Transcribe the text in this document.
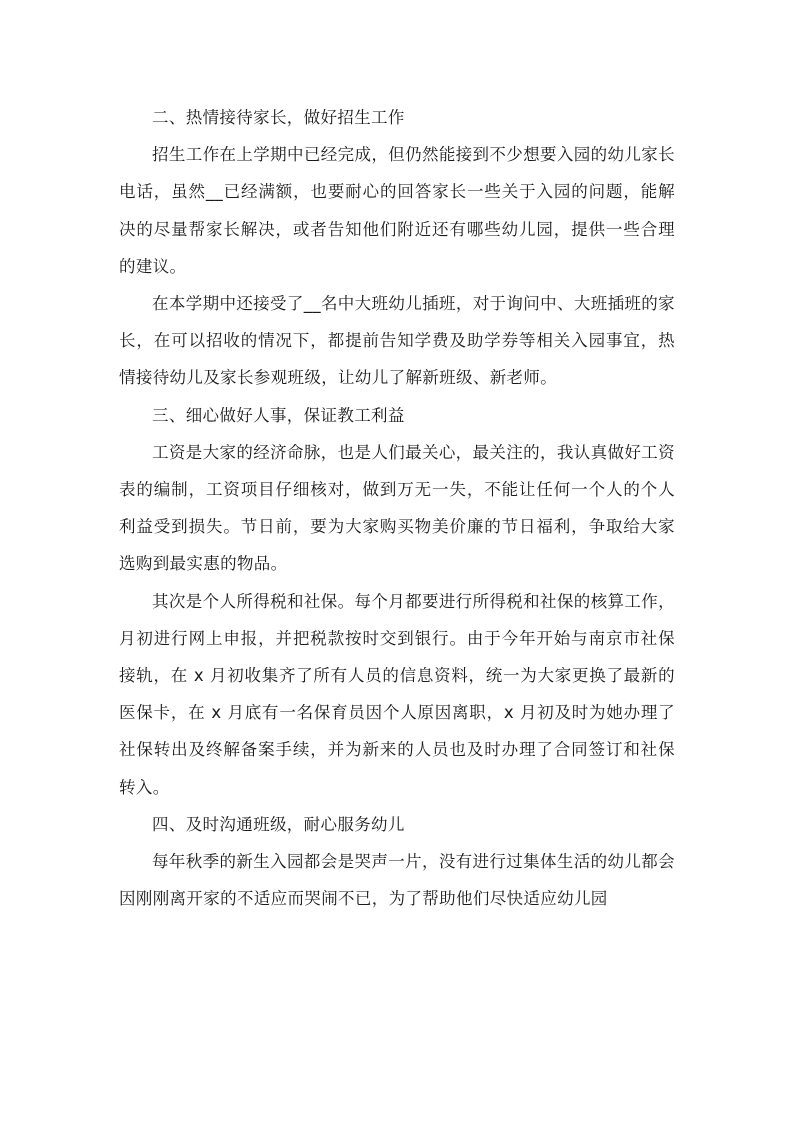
二、热情接待家长，做好招生工作

招生工作在上学期中已经完成，但仍然能接到不少想要入园的幼儿家长电话，虽然__已经满额，也要耐心的回答家长一些关于入园的问题，能解决的尽量帮家长解决，或者告知他们附近还有哪些幼儿园，提供一些合理的建议。

在本学期中还接受了__名中大班幼儿插班，对于询问中、大班插班的家长，在可以招收的情况下，都提前告知学费及助学券等相关入园事宜，热情接待幼儿及家长参观班级，让幼儿了解新班级、新老师。

三、细心做好人事，保证教工利益

工资是大家的经济命脉，也是人们最关心，最关注的，我认真做好工资表的编制，工资项目仔细核对，做到万无一失，不能让任何一个人的个人利益受到损失。节日前，要为大家购买物美价廉的节日福利，争取给大家选购到最实惠的物品。

其次是个人所得税和社保。每个月都要进行所得税和社保的核算工作，月初进行网上申报，并把税款按时交到银行。由于今年开始与南京市社保接轨，在 x 月初收集齐了所有人员的信息资料，统一为大家更换了最新的医保卡，在 x 月底有一名保育员因个人原因离职，x 月初及时为她办理了社保转出及终解备案手续，并为新来的人员也及时办理了合同签订和社保转入。

四、及时沟通班级，耐心服务幼儿

每年秋季的新生入园都会是哭声一片，没有进行过集体生活的幼儿都会因刚刚离开家的不适应而哭闹不已，为了帮助他们尽快适应幼儿园
